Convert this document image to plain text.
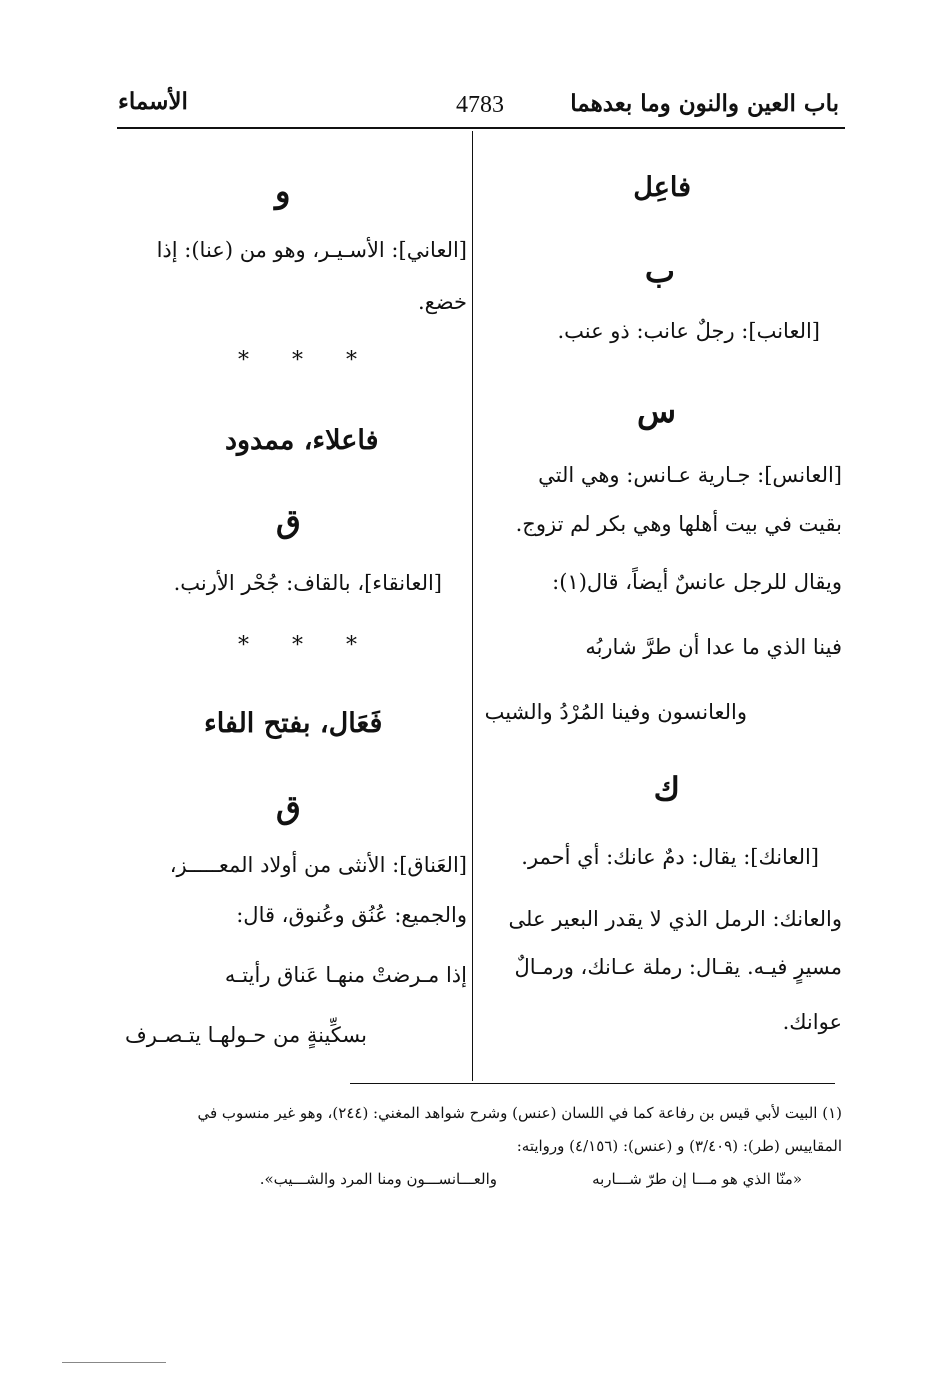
باب العين والنون وما بعدهما
4783
الأسماء
فاعِل
ب
[العانب]: رجلٌ عانب: ذو عنب.
س
[العانس]: جـارية عـانس: وهي التي
بقيت في بيت أهلها وهي بكر لم تزوج.
ويقال للرجل عانسٌ أيضاً، قال(١):
فينا الذي ما عدا أن طرَّ شاربُه
والعانسون وفينا المُرْدُ والشيب
ك
[العانك]: يقال: دمٌ عانك: أي أحمر.
والعانك: الرمل الذي لا يقدر البعير على
مسيرٍ فيـه. يقـال: رملة عـانك، ورمـالٌ
عوانك.
و
[العاني]: الأسـيـر، وهو من (عنا): إذا
خضع.
* * *
فاعلاء، ممدود
ق
[العانقاء]، بالقاف: جُحْر الأرنب.
* * *
فَعَال، بفتح الفاء
ق
[العَناق]: الأنثى من أولاد المعـــــز،
والجميع: عُنُق وعُنوق، قال:
إذا مـرضتْ منهـا عَناق رأيتـه
بسكِّينةٍ من حـولهـا يتـصـرف
(١) البيت لأبي قيس بن رفاعة كما في اللسان (عنس) وشرح شواهد المغني: (٢٤٤)، وهو غير منسوب في
المقاييس (طر): (٣/٤٠٩) و (عنس): (٤/١٥٦) وروايته:
«منّا الذي هو مـــا إن طرّ شـــاربه
والعـــانســـون ومنا المرد والشـــيب».
